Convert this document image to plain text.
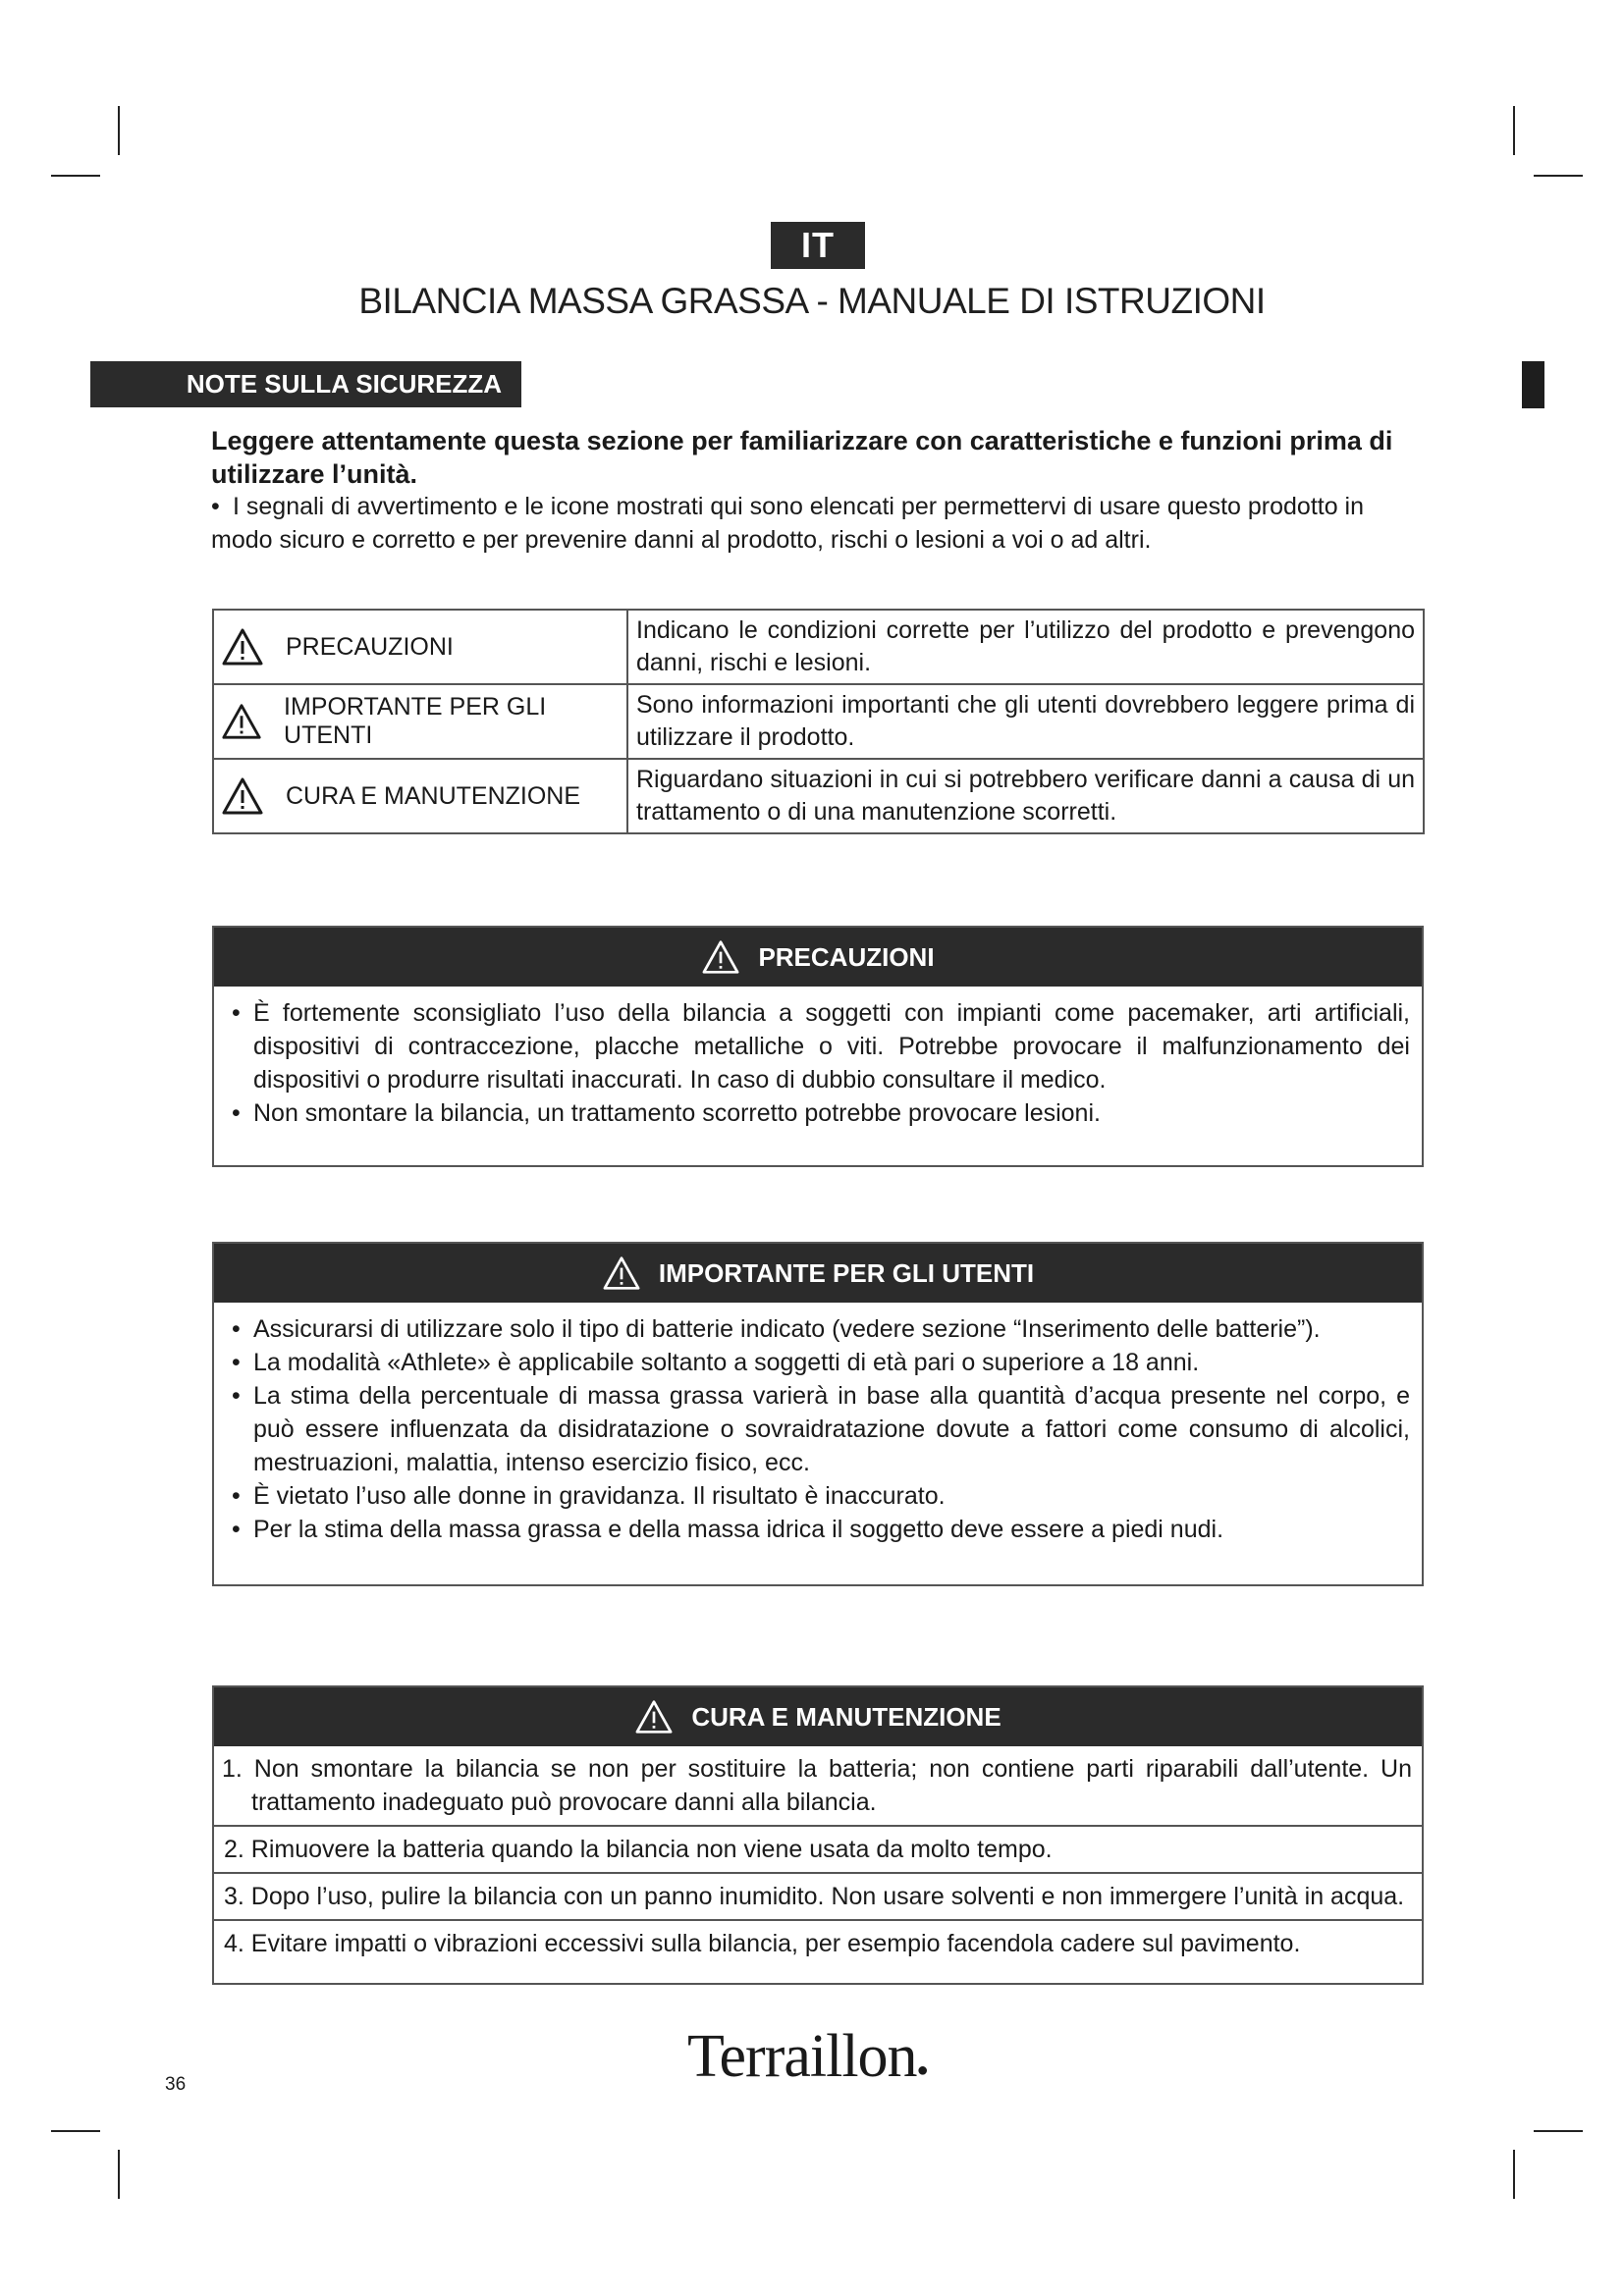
IT
BILANCIA MASSA GRASSA - MANUALE DI ISTRUZIONI
NOTE SULLA SICUREZZA
Leggere attentamente questa sezione per familiarizzare con caratteristiche e funzioni prima di utilizzare l’unità.
• I segnali di avvertimento e le icone mostrati qui sono elencati per permettervi di usare questo prodotto in modo sicuro e corretto e per prevenire danni al prodotto, rischi o lesioni a voi o ad altri.
PRECAUZIONI	Indicano le condizioni corrette per l’utilizzo del prodotto e prevengono danni, rischi e lesioni.

IMPORTANTE PER GLI UTENTI	Sono informazioni importanti che gli utenti dovrebbero leggere prima di utilizzare il prodotto.

CURA E MANUTENZIONE	Riguardano situazioni in cui si potrebbero verificare danni a causa di un trattamento o di una manutenzione scorretti.
PRECAUZIONI
• È fortemente sconsigliato l’uso della bilancia a soggetti con impianti come pacemaker, arti artificiali, dispositivi di contraccezione, placche metalliche o viti. Potrebbe provocare il malfunzionamento dei dispositivi o produrre risultati inaccurati. In caso di dubbio consultare il medico.
• Non smontare la bilancia, un trattamento scorretto potrebbe provocare lesioni.
IMPORTANTE PER GLI UTENTI
• Assicurarsi di utilizzare solo il tipo di batterie indicato (vedere sezione “Inserimento delle batterie”).
• La modalità «Athlete» è applicabile soltanto a soggetti di età pari o superiore a 18 anni.
• La stima della percentuale di massa grassa varierà in base alla quantità d’acqua presente nel corpo, e può essere influenzata da disidratazione o sovraidratazione dovute a fattori come consumo di alcolici, mestruazioni, malattia, intenso esercizio fisico, ecc.
• È vietato l’uso alle donne in gravidanza. Il risultato è inaccurato.
• Per la stima della massa grassa e della massa idrica il soggetto deve essere a piedi nudi.
CURA E MANUTENZIONE
1. Non smontare la bilancia se non per sostituire la batteria; non contiene parti riparabili dall’utente. Un trattamento inadeguato può provocare danni alla bilancia.
2. Rimuovere la batteria quando la bilancia non viene usata da molto tempo.
3. Dopo l’uso, pulire la bilancia con un panno inumidito. Non usare solventi e non immergere l’unità in acqua.
4. Evitare impatti o vibrazioni eccessivi sulla bilancia, per esempio facendola cadere sul pavimento.
36	Terraillon●
